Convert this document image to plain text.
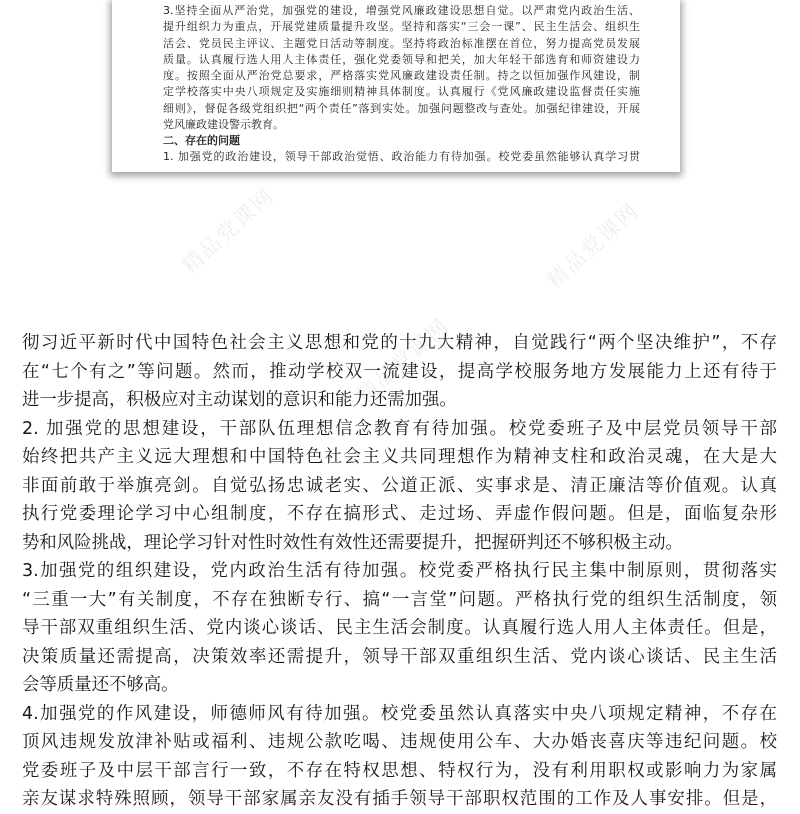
3.坚持全面从严治党，加强党的建设，增强党风廉政建设思想自觉。以严肃党内政治生活、
提升组织力为重点，开展党建质量提升攻坚。坚持和落实“三会一课”、民主生活会、组织生
活会、党员民主评议、主题党日活动等制度。坚持将政治标准摆在首位，努力提高党员发展
质量。认真履行选人用人主体责任，强化党委领导和把关，加大年轻干部选育和师资建设力
度。按照全面从严治党总要求，严格落实党风廉政建设责任制。持之以恒加强作风建设，制
定学校落实中央八项规定及实施细则精神具体制度。认真履行《党风廉政建设监督责任实施
细则》，督促各级党组织把“两个责任”落到实处。加强问题整改与查处。加强纪律建设，开展
党风廉政建设警示教育。
二、存在的问题
1. 加强党的政治建设，领导干部政治觉悟、政治能力有待加强。校党委虽然能够认真学习贯
彻习近平新时代中国特色社会主义思想和党的十九大精神，自觉践行“两个坚决维护”，不存
在“七个有之”等问题。然而，推动学校双一流建设，提高学校服务地方发展能力上还有待于
进一步提高，积极应对主动谋划的意识和能力还需加强。
2. 加强党的思想建设，干部队伍理想信念教育有待加强。校党委班子及中层党员领导干部
始终把共产主义远大理想和中国特色社会主义共同理想作为精神支柱和政治灵魂，在大是大
非面前敢于举旗亮剑。自觉弘扬忠诚老实、公道正派、实事求是、清正廉洁等价值观。认真
执行党委理论学习中心组制度，不存在搞形式、走过场、弄虚作假问题。但是，面临复杂形
势和风险挑战，理论学习针对性时效性有效性还需要提升，把握研判还不够积极主动。
3.加强党的组织建设，党内政治生活有待加强。校党委严格执行民主集中制原则，贯彻落实
“三重一大”有关制度，不存在独断专行、搞“一言堂”问题。严格执行党的组织生活制度，领
导干部双重组织生活、党内谈心谈话、民主生活会制度。认真履行选人用人主体责任。但是，
决策质量还需提高，决策效率还需提升，领导干部双重组织生活、党内谈心谈话、民主生活
会等质量还不够高。
4.加强党的作风建设，师德师风有待加强。校党委虽然认真落实中央八项规定精神，不存在
顶风违规发放津补贴或福利、违规公款吃喝、违规使用公车、大办婚丧喜庆等违纪问题。校
党委班子及中层干部言行一致，不存在特权思想、特权行为，没有利用职权或影响力为家属
亲友谋求特殊照顾，领导干部家属亲友没有插手领导干部职权范围的工作及人事安排。但是，
精品党课网	精品党课网
精品党课网
